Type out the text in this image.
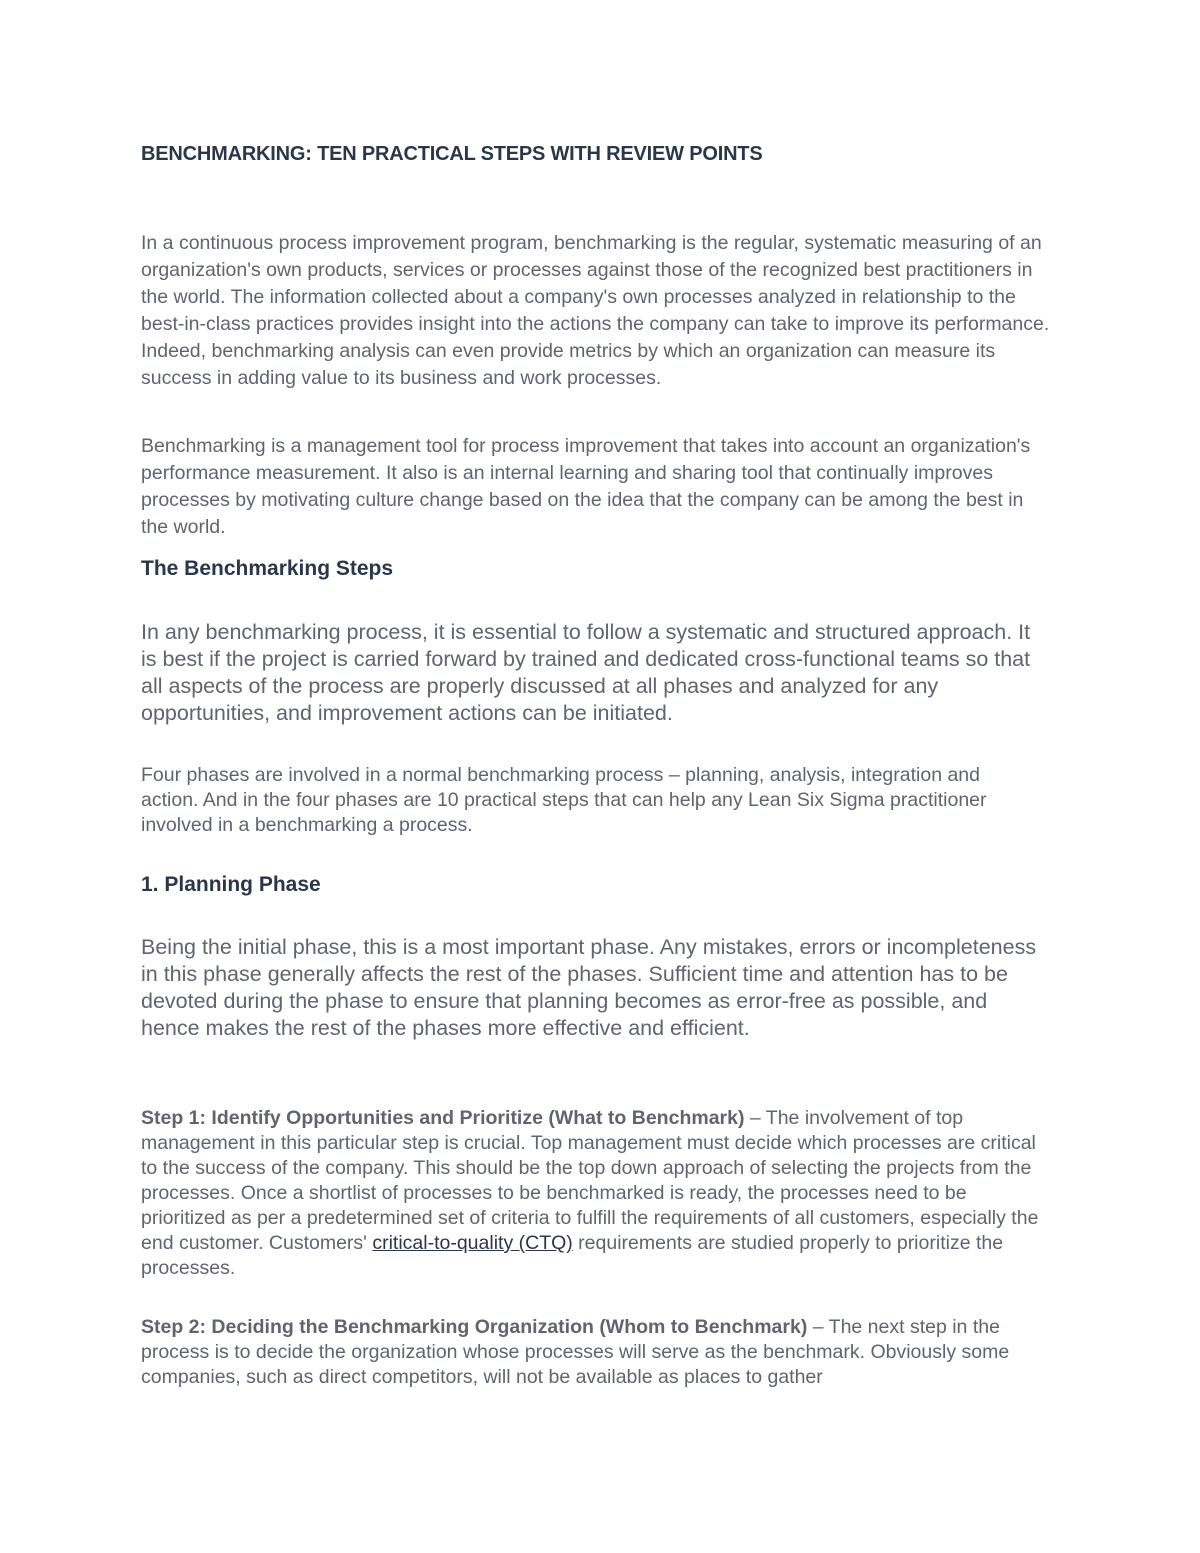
BENCHMARKING: TEN PRACTICAL STEPS WITH REVIEW POINTS

In a continuous process improvement program, benchmarking is the regular, systematic measuring of an organization's own products, services or processes against those of the recognized best practitioners in the world. The information collected about a company's own processes analyzed in relationship to the best-in-class practices provides insight into the actions the company can take to improve its performance. Indeed, benchmarking analysis can even provide metrics by which an organization can measure its success in adding value to its business and work processes.

Benchmarking is a management tool for process improvement that takes into account an organization's performance measurement. It also is an internal learning and sharing tool that continually improves processes by motivating culture change based on the idea that the company can be among the best in the world.

The Benchmarking Steps

In any benchmarking process, it is essential to follow a systematic and structured approach. It is best if the project is carried forward by trained and dedicated cross-functional teams so that all aspects of the process are properly discussed at all phases and analyzed for any opportunities, and improvement actions can be initiated.

Four phases are involved in a normal benchmarking process – planning, analysis, integration and action. And in the four phases are 10 practical steps that can help any Lean Six Sigma practitioner involved in a benchmarking a process.

1. Planning Phase

Being the initial phase, this is a most important phase. Any mistakes, errors or incompleteness in this phase generally affects the rest of the phases. Sufficient time and attention has to be devoted during the phase to ensure that planning becomes as error-free as possible, and hence makes the rest of the phases more effective and efficient.

Step 1: Identify Opportunities and Prioritize (What to Benchmark) – The involvement of top management in this particular step is crucial. Top management must decide which processes are critical to the success of the company. This should be the top down approach of selecting the projects from the processes. Once a shortlist of processes to be benchmarked is ready, the processes need to be prioritized as per a predetermined set of criteria to fulfill the requirements of all customers, especially the end customer. Customers' critical-to-quality (CTQ) requirements are studied properly to prioritize the processes.

Step 2: Deciding the Benchmarking Organization (Whom to Benchmark) – The next step in the process is to decide the organization whose processes will serve as the benchmark. Obviously some companies, such as direct competitors, will not be available as places to gather
